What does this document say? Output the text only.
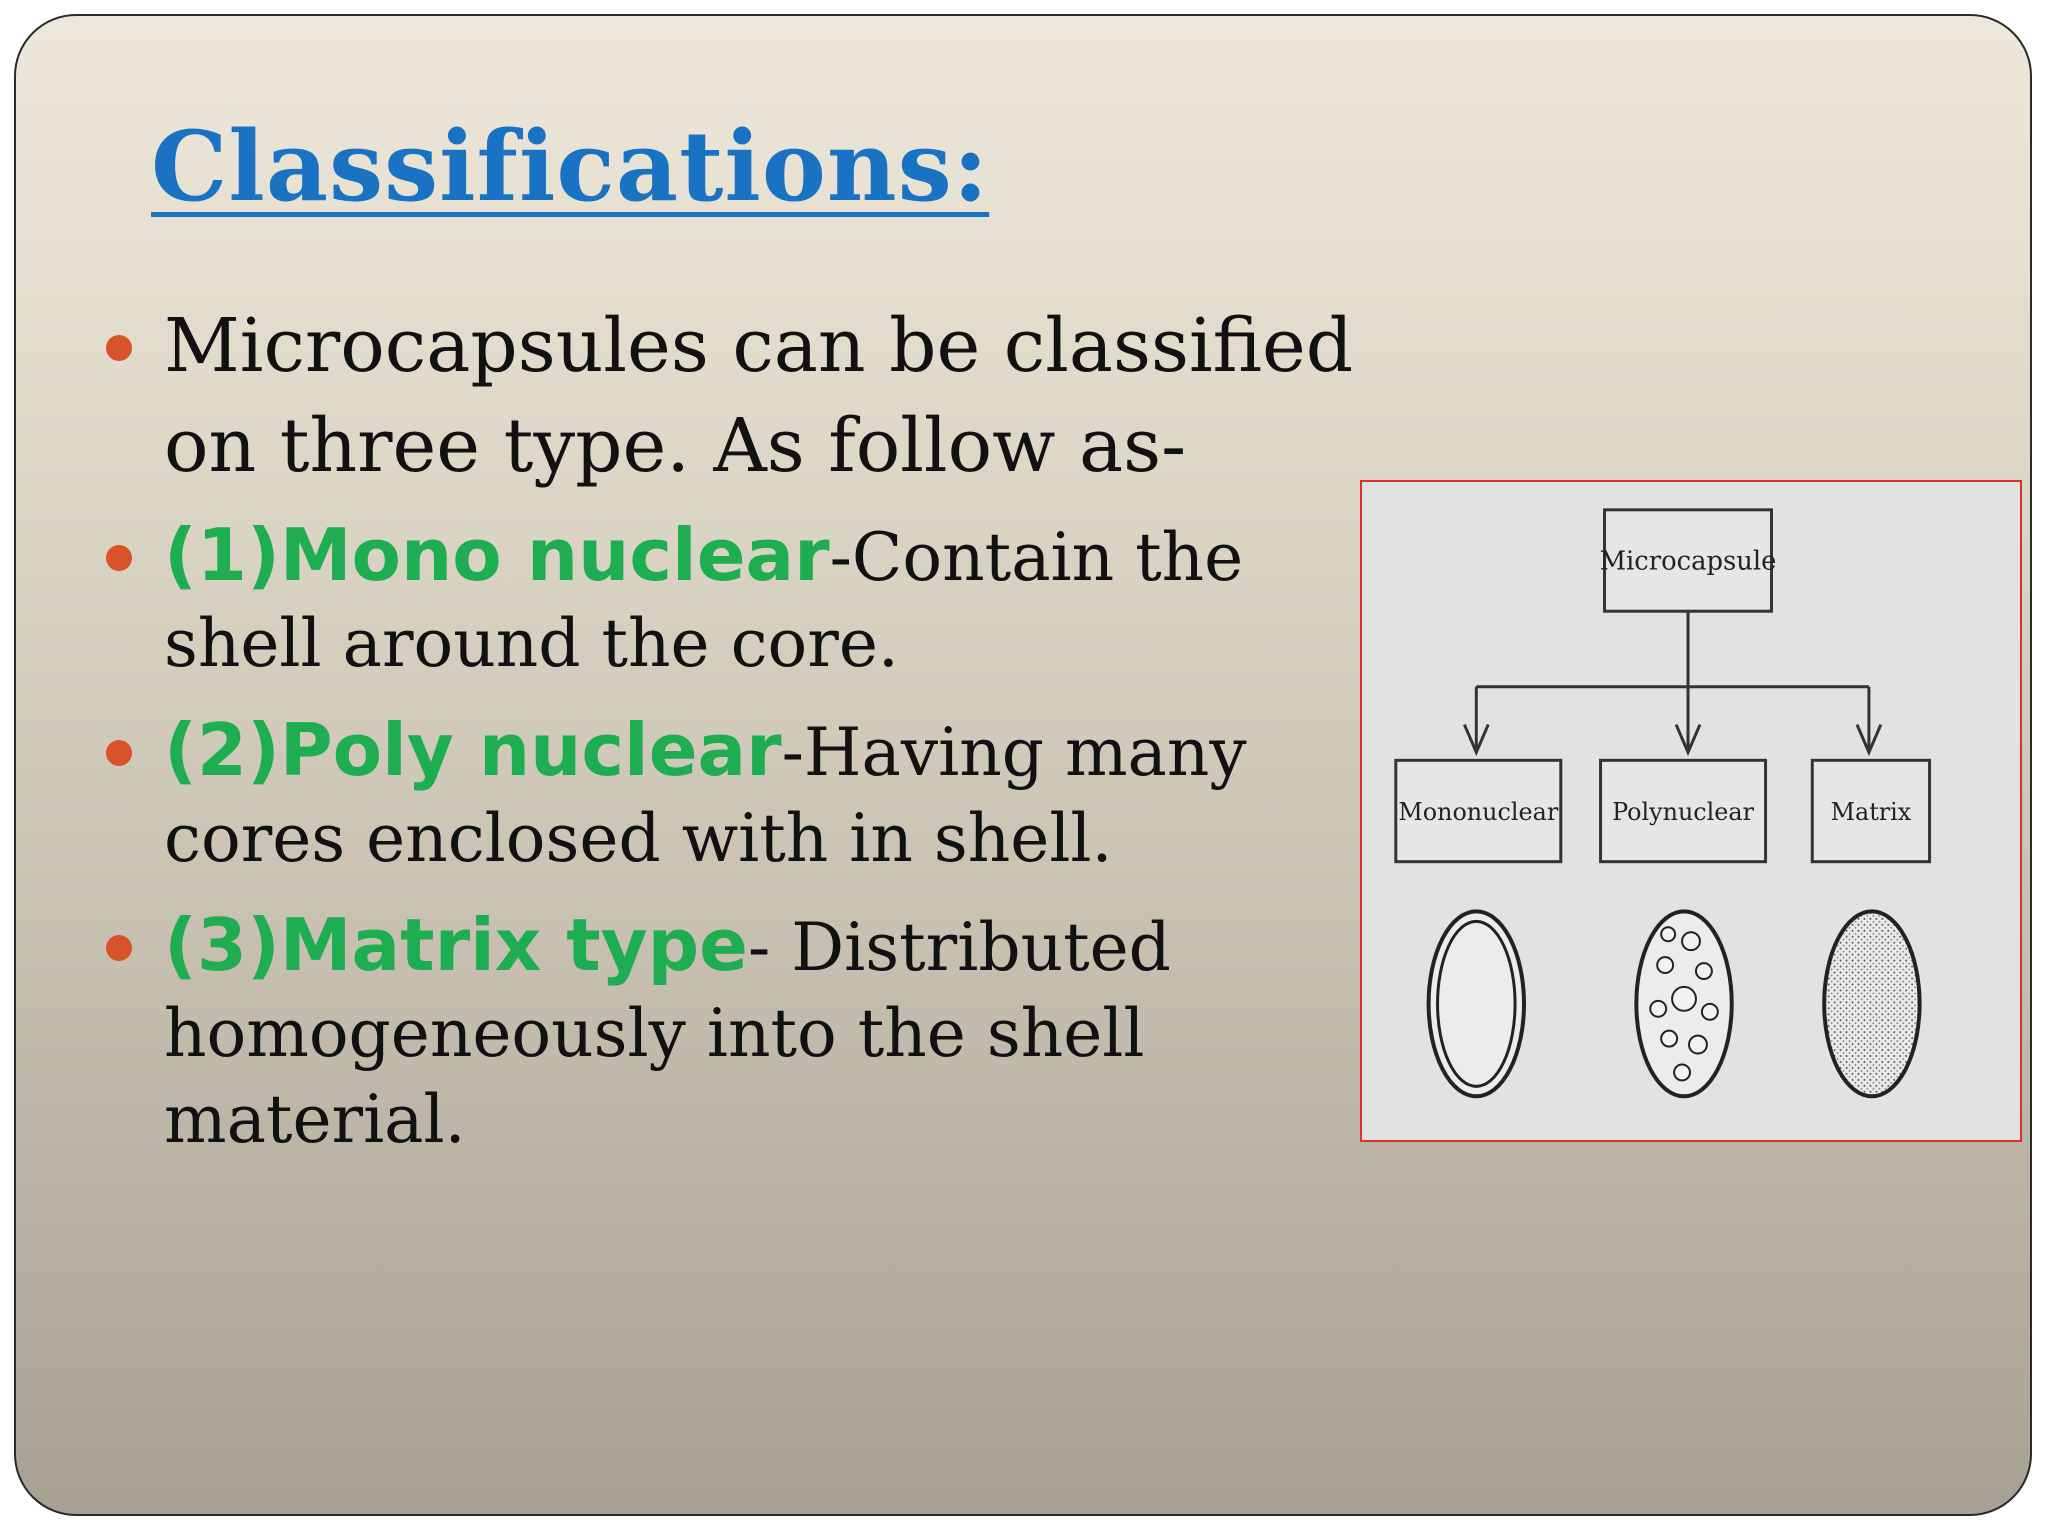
Classifications:
Microcapsules can be classified on three type. As follow as-
(1)Mono nuclear-Contain the shell around the core.
(2)Poly nuclear-Having many cores enclosed with in shell.
(3)Matrix type- Distributed homogeneously into the shell material.
Microcapsule
Mononuclear Polynuclear	Matrix
